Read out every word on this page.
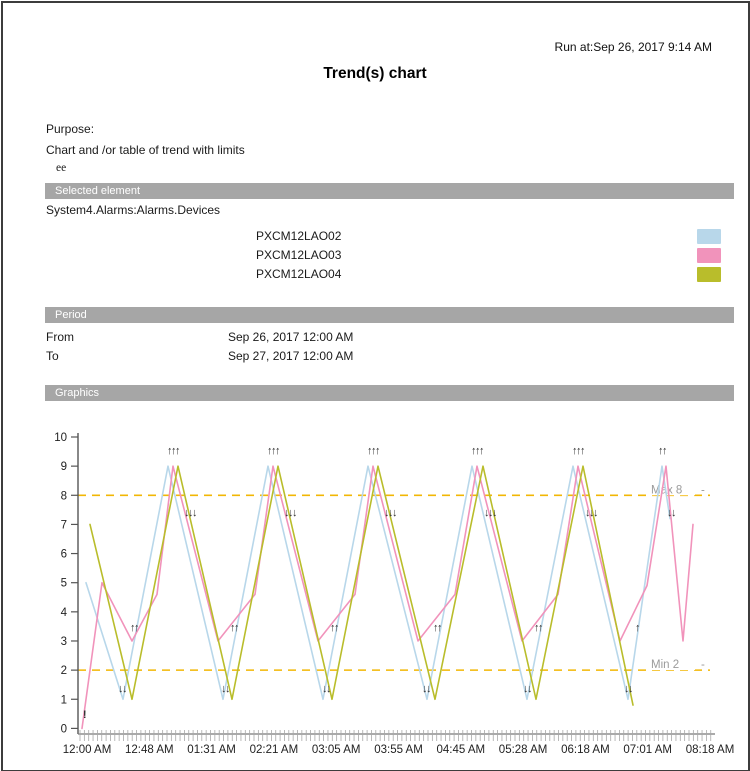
Run at:Sep 26, 2017 9:14 AM
Trend(s) chart
Purpose:
Chart and /or table of trend with limits
ee
Selected element
System4.Alarms:Alarms.Devices
PXCM12LAO02
PXCM12LAO03
PXCM12LAO04
Period
From	Sep 26, 2017 12:00 AM
To	Sep 27, 2017 12:00 AM
Graphics
Max 8 -
Min 2 -
0
1
2
3
4
5
6
7
8
9
10
!
↑↑↑	↑↑↑	↑↑↑	↑↑↑	↑↑↑	↑↑
↓↓↓	↓↓↓	↓↓↓	↓↓↓	↓↓↓	↓↓
↓↓	↓↓	↓↓	↓↓	↓↓	↓↓
↑↑	↑↑	↑↑	↑↑	↑↑	↑
12:00 AM 12:48 AM 01:31 AM 02:21 AM 03:05 AM 03:55 AM 04:45 AM 05:28 AM 06:18 AM 07:01 AM 08:18 AM
